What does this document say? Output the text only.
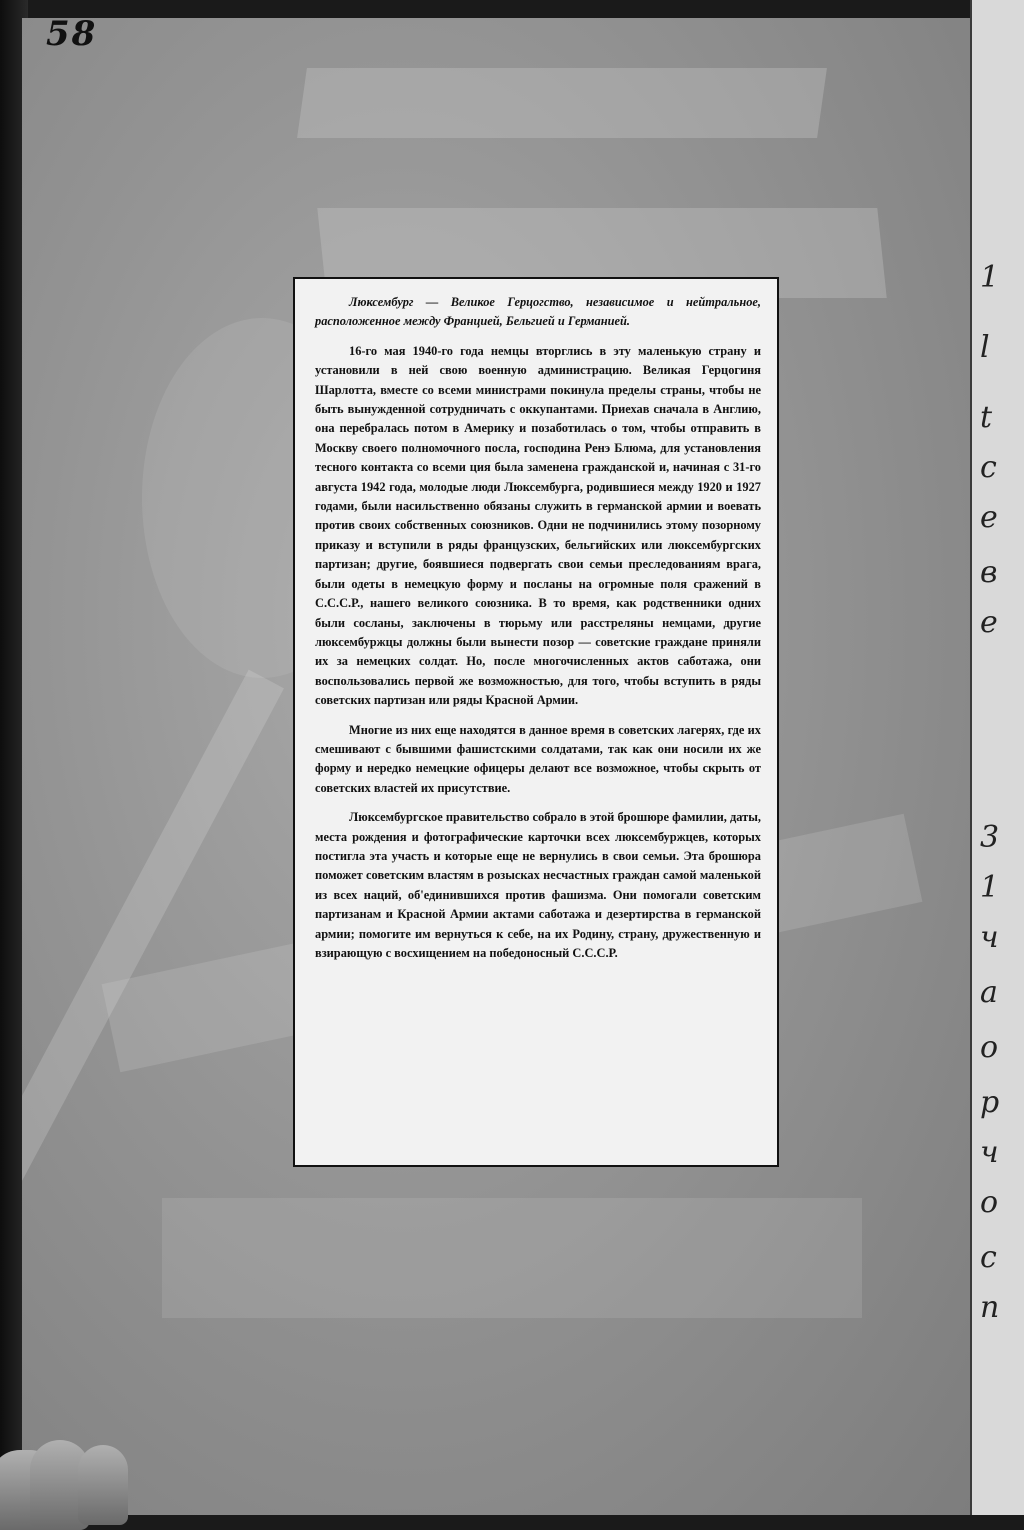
58

Люксембург — Великое Герцогство, независимое и нейтральное, расположенное между Францией, Бельгией и Германией.

16-го мая 1940-го года немцы вторглись в эту маленькую страну и установили в ней свою военную администрацию. Великая Герцогиня Шарлотта, вместе со всеми министрами покинула пределы страны, чтобы не быть вынужденной сотрудничать с оккупантами. Приехав сначала в Англию, она перебралась потом в Америку и позаботилась о том, чтобы отправить в Москву своего полномочного посла, господина Ренэ Блюма, для установления тесного контакта со всеми ция была заменена гражданской и, начиная с 31-го августа 1942 года, молодые люди Люксембурга, родившиеся между 1920 и 1927 годами, были насильственно обязаны служить в германской армии и воевать против своих собственных союзников. Одни не подчинились этому позорному приказу и вступили в ряды французских, бельгийских или люксембургских партизан; другие, боявшиеся подвергать свои семьи преследованиям врага, были одеты в немецкую форму и посланы на огромные поля сражений в С.С.С.Р., нашего великого союзника. В то время, как родственники одних были сосланы, заключены в тюрьму или расстреляны немцами, другие люксембуржцы должны были вынести позор — советские граждане приняли их за немецких солдат. Но, после многочисленных актов саботажа, они воспользовались первой же возможностью, для того, чтобы вступить в ряды советских партизан или ряды Красной Армии.

Многие из них еще находятся в данное время в советских лагерях, где их смешивают с бывшими фашистскими солдатами, так как они носили их же форму и нередко немецкие офицеры делают все возможное, чтобы скрыть от советских властей их присутствие.

Люксембургское правительство собрало в этой брошюре фамилии, даты, места рождения и фотографические карточки всех люксембуржцев, которых постигла эта участь и которые еще не вернулись в свои семьи. Эта брошюра поможет советским властям в розысках несчастных граждан самой маленькой из всех наций, об'единившихся против фашизма. Они помогали советским партизанам и Красной Армии актами саботажа и дезертирства в германской армии; помогите им вернуться к себе, на их Родину, страну, дружественную и взирающую с восхищением на победоносный С.С.С.Р.

1
l
t
c
e
в
e
3
1
ч
a
o
p
ч
o
c
n
